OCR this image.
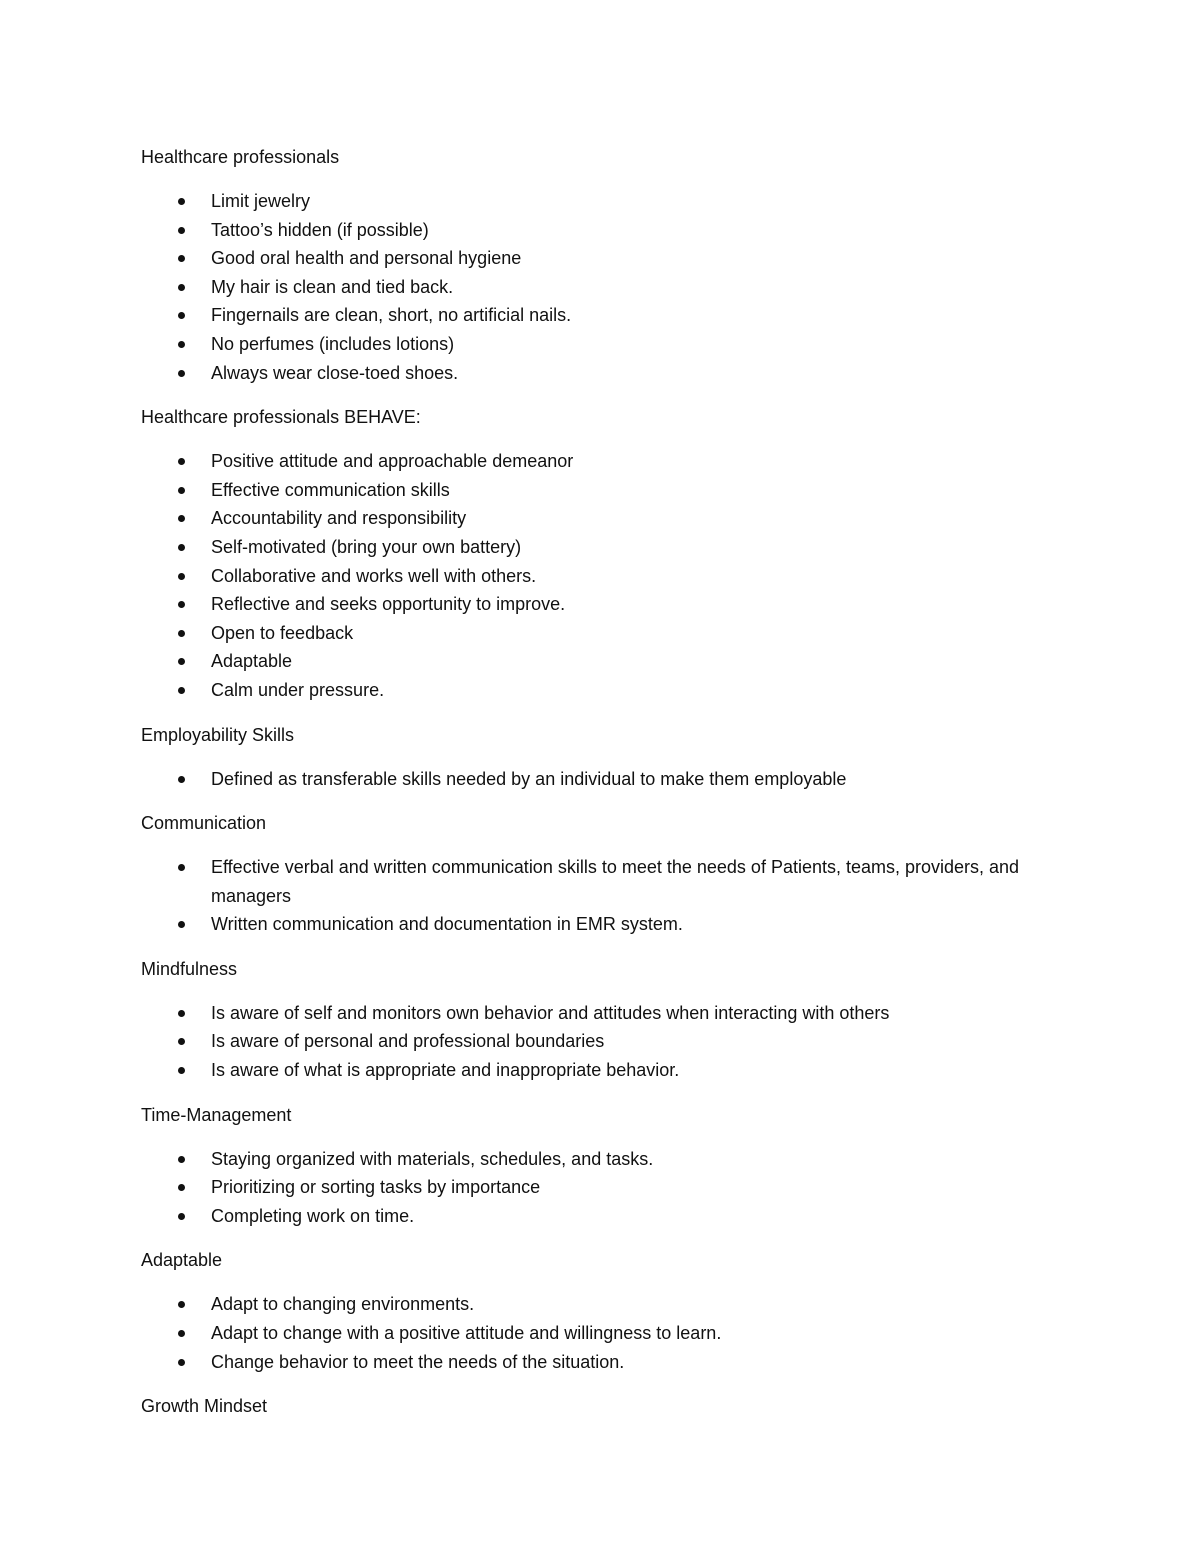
Healthcare professionals
Limit jewelry
Tattoo’s hidden (if possible)
Good oral health and personal hygiene
My hair is clean and tied back.
Fingernails are clean, short, no artificial nails.
No perfumes (includes lotions)
Always wear close-toed shoes.
Healthcare professionals BEHAVE:
Positive attitude and approachable demeanor
Effective communication skills
Accountability and responsibility
Self-motivated (bring your own battery)
Collaborative and works well with others.
Reflective and seeks opportunity to improve.
Open to feedback
Adaptable
Calm under pressure.
Employability Skills
Defined as transferable skills needed by an individual to make them employable
Communication
Effective verbal and written communication skills to meet the needs of Patients, teams, providers, and managers
Written communication and documentation in EMR system.
Mindfulness
Is aware of self and monitors own behavior and attitudes when interacting with others
Is aware of personal and professional boundaries
Is aware of what is appropriate and inappropriate behavior.
Time-Management
Staying organized with materials, schedules, and tasks.
Prioritizing or sorting tasks by importance
Completing work on time.
Adaptable
Adapt to changing environments.
Adapt to change with a positive attitude and willingness to learn.
Change behavior to meet the needs of the situation.
Growth Mindset
